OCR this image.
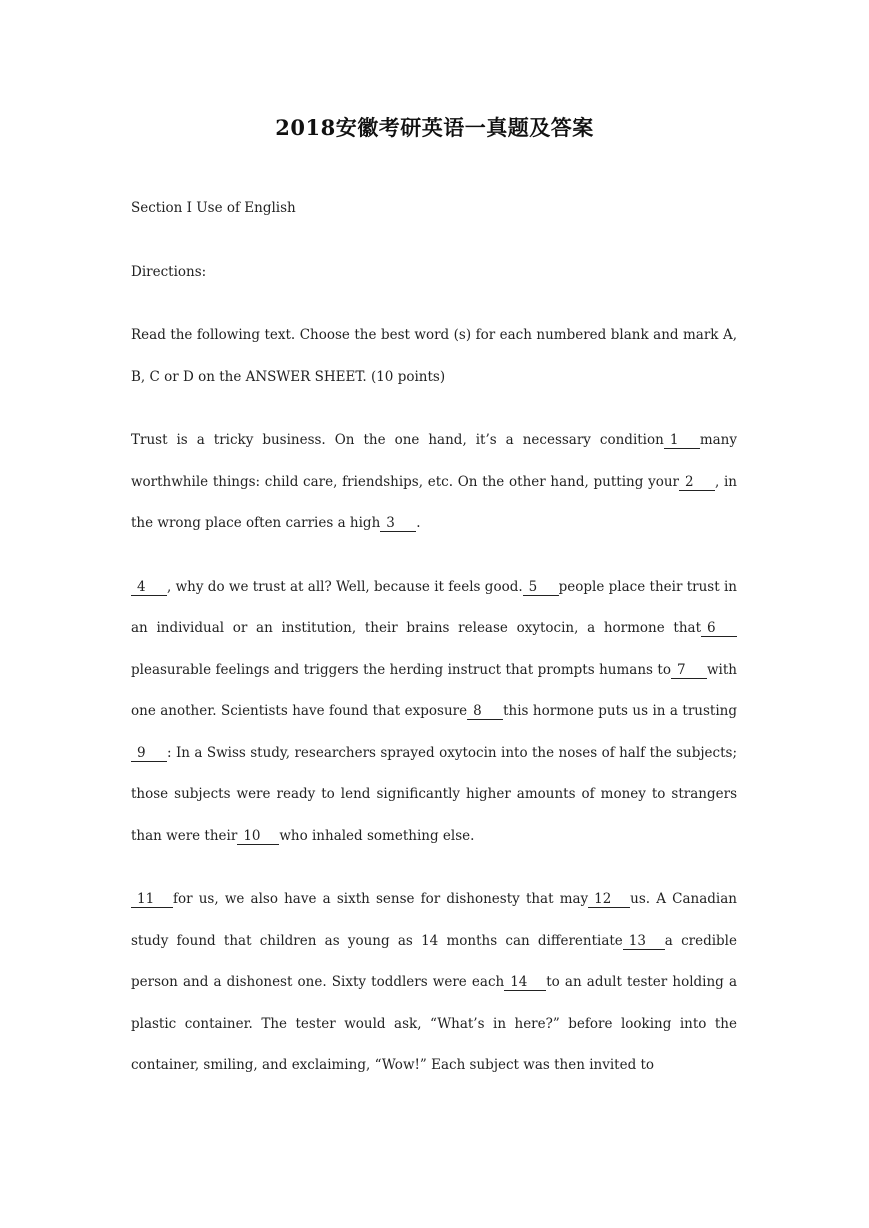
2018安徽考研英语一真题及答案

Section I Use of English

Directions:

Read the following text. Choose the best word (s) for each numbered blank and mark A, B, C or D on the ANSWER SHEET. (10 points)

Trust is a tricky business. On the one hand, it’s a necessary condition 1 many worthwhile things: child care, friendships, etc. On the other hand, putting your 2 , in the wrong place often carries a high 3 .

4 , why do we trust at all? Well, because it feels good. 5 people place their trust in an individual or an institution, their brains release oxytocin, a hormone that 6pleasurable feelings and triggers the herding instruct that prompts humans to 7 with one another. Scientists have found that exposure 8 this hormone puts us in a trusting9 : In a Swiss study, researchers sprayed oxytocin into the noses of half the subjects; those subjects were ready to lend significantly higher amounts of money to strangers than were their 10 who inhaled something else.

11 for us, we also have a sixth sense for dishonesty that may 12 us. A Canadian study found that children as young as 14 months can differentiate 13 a credible person and a dishonest one. Sixty toddlers were each 14 to an adult tester holding a plastic container. The tester would ask, “What’s in here?” before looking into the container, smiling, and exclaiming, “Wow!” Each subject was then invited to
